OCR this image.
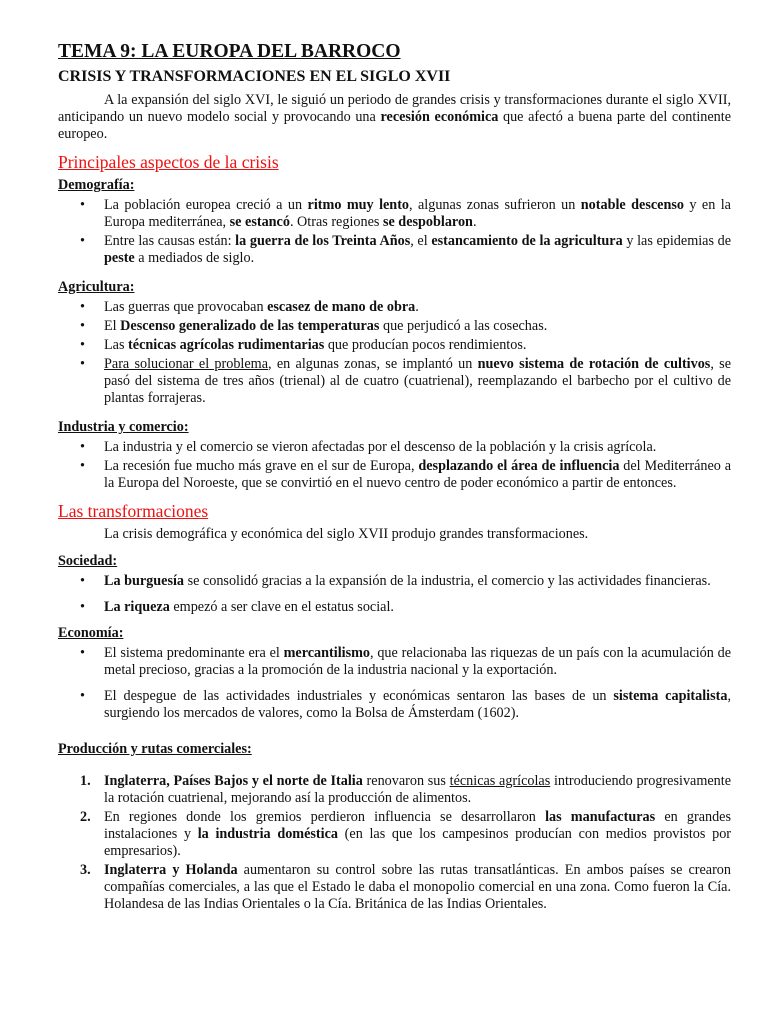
TEMA 9: LA EUROPA DEL BARROCO
CRISIS Y TRANSFORMACIONES EN EL SIGLO XVII

A la expansión del siglo XVI, le siguió un periodo de grandes crisis y transformaciones durante el siglo XVII, anticipando un nuevo modelo social y provocando una recesión económica que afectó a buena parte del continente europeo.

Principales aspectos de la crisis
Demografía:
• La población europea creció a un ritmo muy lento, algunas zonas sufrieron un notable descenso y en la Europa mediterránea, se estancó. Otras regiones se despoblaron.
• Entre las causas están: la guerra de los Treinta Años, el estancamiento de la agricultura y las epidemias de peste a mediados de siglo.
Agricultura:
• Las guerras que provocaban escasez de mano de obra.
• El Descenso generalizado de las temperaturas que perjudicó a las cosechas.
• Las técnicas agrícolas rudimentarias que producían pocos rendimientos.
• Para solucionar el problema, en algunas zonas, se implantó un nuevo sistema de rotación de cultivos, se pasó del sistema de tres años (trienal) al de cuatro (cuatrienal), reemplazando el barbecho por el cultivo de plantas forrajeras.
Industria y comercio:
• La industria y el comercio se vieron afectadas por el descenso de la población y la crisis agrícola.
• La recesión fue mucho más grave en el sur de Europa, desplazando el área de influencia del Mediterráneo a la Europa del Noroeste, que se convirtió en el nuevo centro de poder económico a partir de entonces.
Las transformaciones

La crisis demográfica y económica del siglo XVII produjo grandes transformaciones.

Sociedad:
• La burguesía se consolidó gracias a la expansión de la industria, el comercio y las actividades financieras.
• La riqueza empezó a ser clave en el estatus social.
Economía:
• El sistema predominante era el mercantilismo, que relacionaba las riquezas de un país con la acumulación de metal precioso, gracias a la promoción de la industria nacional y la exportación.
• El despegue de las actividades industriales y económicas sentaron las bases de un sistema capitalista, surgiendo los mercados de valores, como la Bolsa de Ámsterdam (1602).
Producción y rutas comerciales:
1. Inglaterra, Países Bajos y el norte de Italia renovaron sus técnicas agrícolas introduciendo progresivamente la rotación cuatrienal, mejorando así la producción de alimentos.
2. En regiones donde los gremios perdieron influencia se desarrollaron las manufacturas en grandes instalaciones y la industria doméstica (en las que los campesinos producían con medios provistos por empresarios).
3. Inglaterra y Holanda aumentaron su control sobre las rutas transatlánticas. En ambos países se crearon compañías comerciales, a las que el Estado le daba el monopolio comercial en una zona. Como fueron la Cía. Holandesa de las Indias Orientales o la Cía. Británica de las Indias Orientales.
